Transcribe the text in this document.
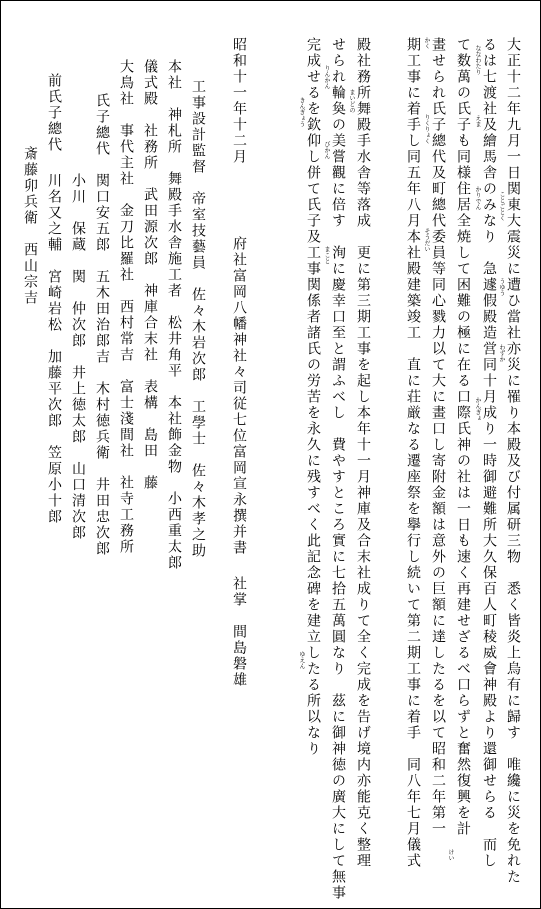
ことごとく
うゆう
わずか
ななわたり
えま
かりでん
かんぎょ
けい
かく
りくりょく
そうだい
まいどの
りんかん
びかん
まこと
ゆえん
きんぎょう	大正十二年九月一日関東大震災に遭ひ當社亦災に罹り本殿及び付属研三物　悉く皆炎上烏有に歸す　唯纔に災を免れた
るは七渡社及繪馬舎のみなり　急遽假殿造営同十月成り一時御避難所大久保百人町稜威會神殿より還御せらる　而し
て数萬の氏子も同様住居全焼して困難の極に在る口際氏神の社は一日も速く再建せざるべ口らずと奮然復興を計
畫せられ氏子總代及町總代委員等同心戮力以て大に畫口し寄附金額は意外の巨額に達したるを以て昭和二年第一
期工事に着手し同五年八月本社殿建築竣工　直に荘厳なる遷座祭を擧行し続いて第二期工事に着手　同八年七月儀式
殿社務所舞殿手水舎等落成　更に第三期工事を起し本年十一月神庫及合末社成りて全く完成を告げ境内亦能克く整理
せられ輪奐の美嘗觀に倍す　洵に慶幸口至と謂ふべし　費やすところ實に七拾五萬圓なり　茲に御神徳の廣大にして無事
完成せるを欽仰し併て氏子及工事関係者諸氏の労苦を永久に残すべく此記念碑を建立したる所以なり
昭和十一年十二月
府社富岡八幡神社々司従七位富岡宣永撰并書
社掌　間島磐雄
工事設計監督　帝室技藝員　佐々木岩次郎　工學士　佐々木孝之助
本社　神札所　舞殿手水舎施工者　松井角平　本社飾金物　小西重太郎
儀式殿　社務所　武田源次郎　神庫合末社　表構　島田　藤
大鳥社　事代主社　金刀比羅社　西村常吉　富士淺間社　社寺工務所
氏子總代
関口安五郎　五木田治郎吉　木村徳兵衛　井田忠次郎
小川　保蔵　関　仲次郎　井上徳太郎　山口清次郎
前氏子總代
川名又之輔　宮崎岩松　加藤平次郎　笠原小十郎
斎藤卯兵衛　西山宗吉
